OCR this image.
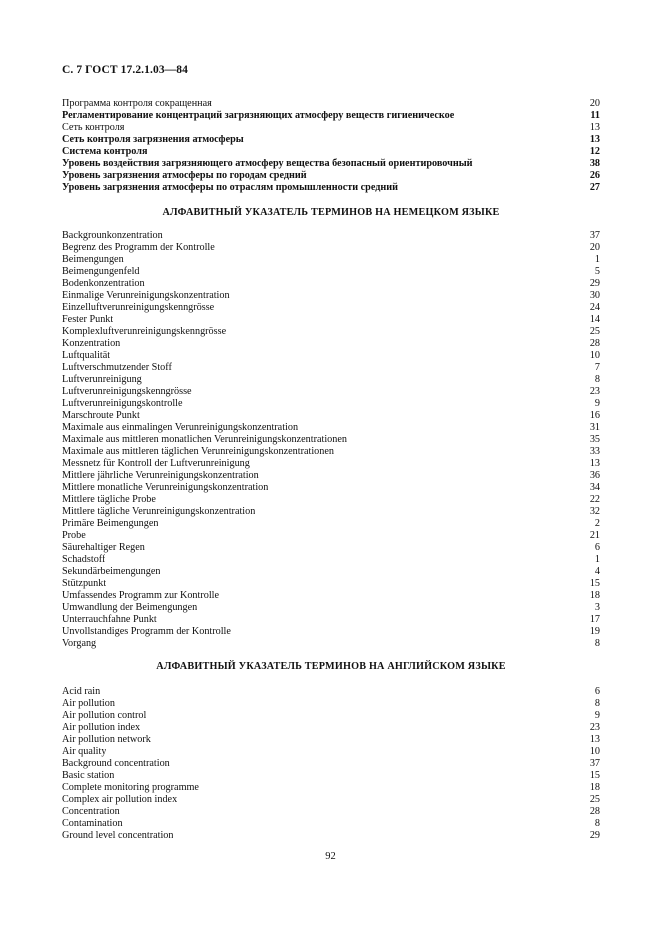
С. 7 ГОСТ 17.2.1.03—84
Программа контроля сокращенная	20
Регламентирование концентраций загрязняющих атмосферу веществ гигиеническое	11
Сеть контроля	13
Сеть контроля загрязнения атмосферы	13
Система контроля	12
Уровень воздействия загрязняющего атмосферу вещества безопасный ориентировочный	38
Уровень загрязнения атмосферы по городам средний	26
Уровень загрязнения атмосферы по отраслям промышленности средний	27
АЛФАВИТНЫЙ УКАЗАТЕЛЬ ТЕРМИНОВ НА НЕМЕЦКОМ ЯЗЫКЕ
Backgrounkonzentration	37
Begrenz des Programm der Kontrolle	20
Beimengungen	1
Beimengungenfeld	5
Bodenkonzentration	29
Einmalige Verunreinigungskonzentration	30
Einzelluftverunreinigungskenngrösse	24
Fester Punkt	14
Komplexluftverunreinigungskenngrösse	25
Konzentration	28
Luftqualität	10
Luftverschmutzender Stoff	7
Luftverunreinigung	8
Luftverunreinigungskenngrösse	23
Luftverunreinigungskontrolle	9
Marschroute Punkt	16
Maximale aus einmalingen Verunreinigungskonzentration	31
Maximale aus mittleren monatlichen Verunreinigungskonzentrationen	35
Maximale aus mittleren täglichen Verunreinigungskonzentrationen	33
Messnetz für Kontroll der Luftverunreinigung	13
Mittlere jährliche Verunreinigungskonzentration	36
Mittlere monatliche Verunreinigungskonzentration	34
Mittlere tägliche Probe	22
Mittlere tägliche Verunreinigungskonzentration	32
Primäre Beimengungen	2
Probe	21
Säurehaltiger Regen	6
Schadstoff	1
Sekundärbeimengungen	4
Stützpunkt	15
Umfassendes Programm zur Kontrolle	18
Umwandlung der Beimengungen	3
Unterrauchfahne Punkt	17
Unvollstandiges Programm der Kontrolle	19
Vorgang	8
АЛФАВИТНЫЙ УКАЗАТЕЛЬ ТЕРМИНОВ НА АНГЛИЙСКОМ ЯЗЫКЕ
Acid rain	6
Air pollution	8
Air pollution control	9
Air pollution index	23
Air pollution network	13
Air quality	10
Background concentration	37
Basic station	15
Complete monitoring programme	18
Complex air pollution index	25
Concentration	28
Contamination	8
Ground level concentration	29
92
